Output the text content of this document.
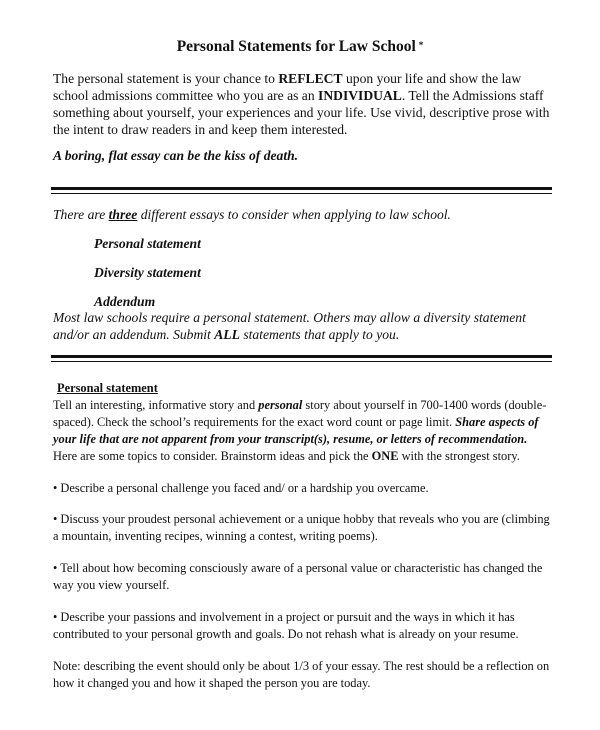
Personal Statements for Law School *
The personal statement is your chance to REFLECT upon your life and show the law school admissions committee who you are as an INDIVIDUAL. Tell the Admissions staff something about yourself, your experiences and your life. Use vivid, descriptive prose with the intent to draw readers in and keep them interested.
A boring, flat essay can be the kiss of death.
There are three different essays to consider when applying to law school.
Personal statement
Diversity statement
Addendum
Most law schools require a personal statement. Others may allow a diversity statement and/or an addendum. Submit ALL statements that apply to you.
Personal statement
Tell an interesting, informative story and personal story about yourself in 700-1400 words (double-spaced). Check the school’s requirements for the exact word count or page limit. Share aspects of your life that are not apparent from your transcript(s), resume, or letters of recommendation. Here are some topics to consider. Brainstorm ideas and pick the ONE with the strongest story.
• Describe a personal challenge you faced and/ or a hardship you overcame.
• Discuss your proudest personal achievement or a unique hobby that reveals who you are (climbing a mountain, inventing recipes, winning a contest, writing poems).
• Tell about how becoming consciously aware of a personal value or characteristic has changed the way you view yourself.
• Describe your passions and involvement in a project or pursuit and the ways in which it has contributed to your personal growth and goals. Do not rehash what is already on your resume.
Note: describing the event should only be about 1/3 of your essay. The rest should be a reflection on how it changed you and how it shaped the person you are today.
